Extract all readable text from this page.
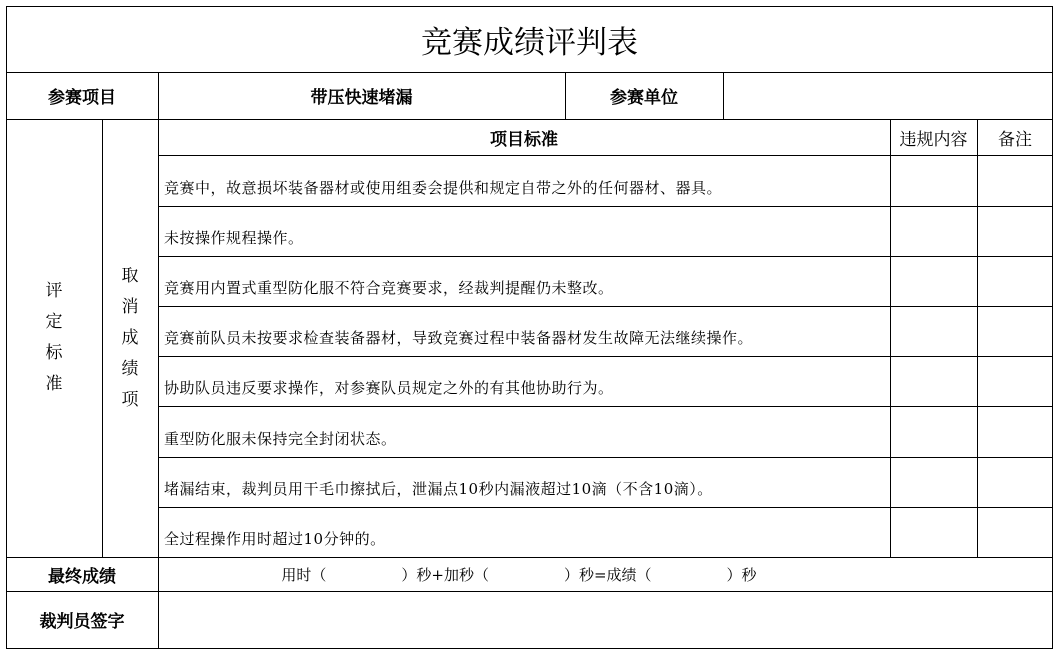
竞赛成绩评判表
参赛项目	带压快速堵漏	参赛单位
评
定
标
准
取
消
成
绩
项
项目标准	违规内容	备注
竞赛中，故意损坏装备器材或使用组委会提供和规定自带之外的任何器材、器具。
未按操作规程操作。
竞赛用内置式重型防化服不符合竞赛要求，经裁判提醒仍未整改。
竞赛前队员未按要求检查装备器材，导致竞赛过程中装备器材发生故障无法继续操作。
协助队员违反要求操作，对参赛队员规定之外的有其他协助行为。
重型防化服未保持完全封闭状态。
堵漏结束，裁判员用干毛巾擦拭后，泄漏点10秒内漏液超过10滴（不含10滴）。
全过程操作用时超过10分钟的。
最终成绩	用时（　　　　　）秒+加秒（　　　　　）秒=成绩（　　　　　）秒
裁判员签字
